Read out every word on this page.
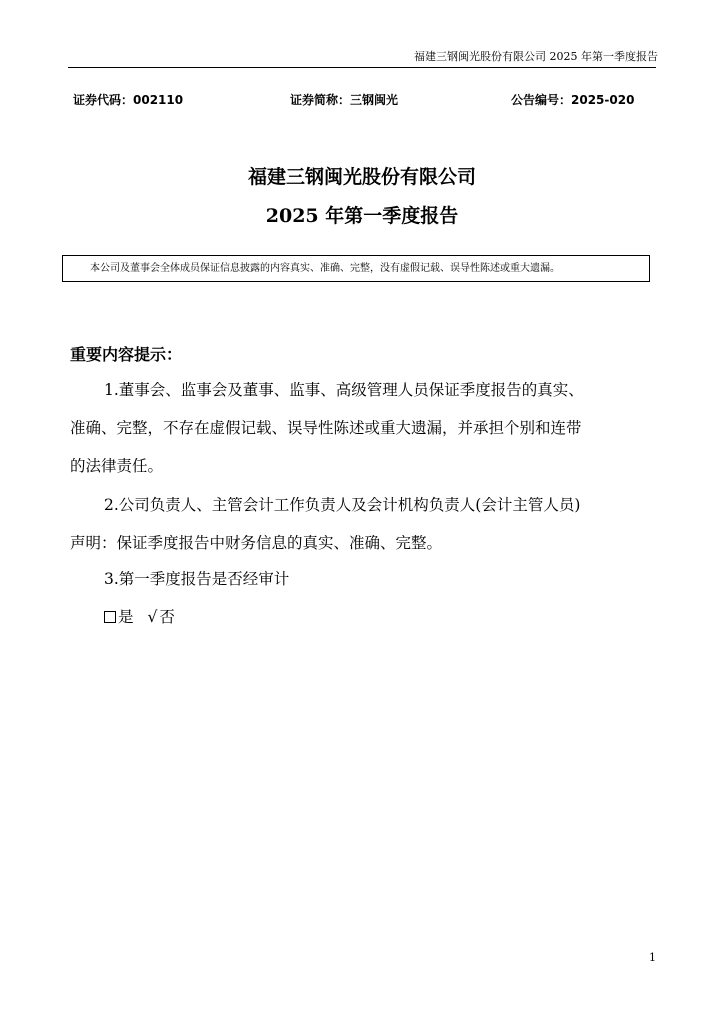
福建三钢闽光股份有限公司 2025 年第一季度报告
证券代码：002110	证券简称：三钢闽光	公告编号：2025-020
福建三钢闽光股份有限公司
2025 年第一季度报告
本公司及董事会全体成员保证信息披露的内容真实、准确、完整，没有虚假记载、误导性陈述或重大遗漏。
重要内容提示：
1.董事会、监事会及董事、监事、高级管理人员保证季度报告的真实、
准确、完整，不存在虚假记载、误导性陈述或重大遗漏，并承担个别和连带
的法律责任。
2.公司负责人、主管会计工作负责人及会计机构负责人(会计主管人员)
声明：保证季度报告中财务信息的真实、准确、完整。
3.第一季度报告是否经审计
是 √ 否
1
